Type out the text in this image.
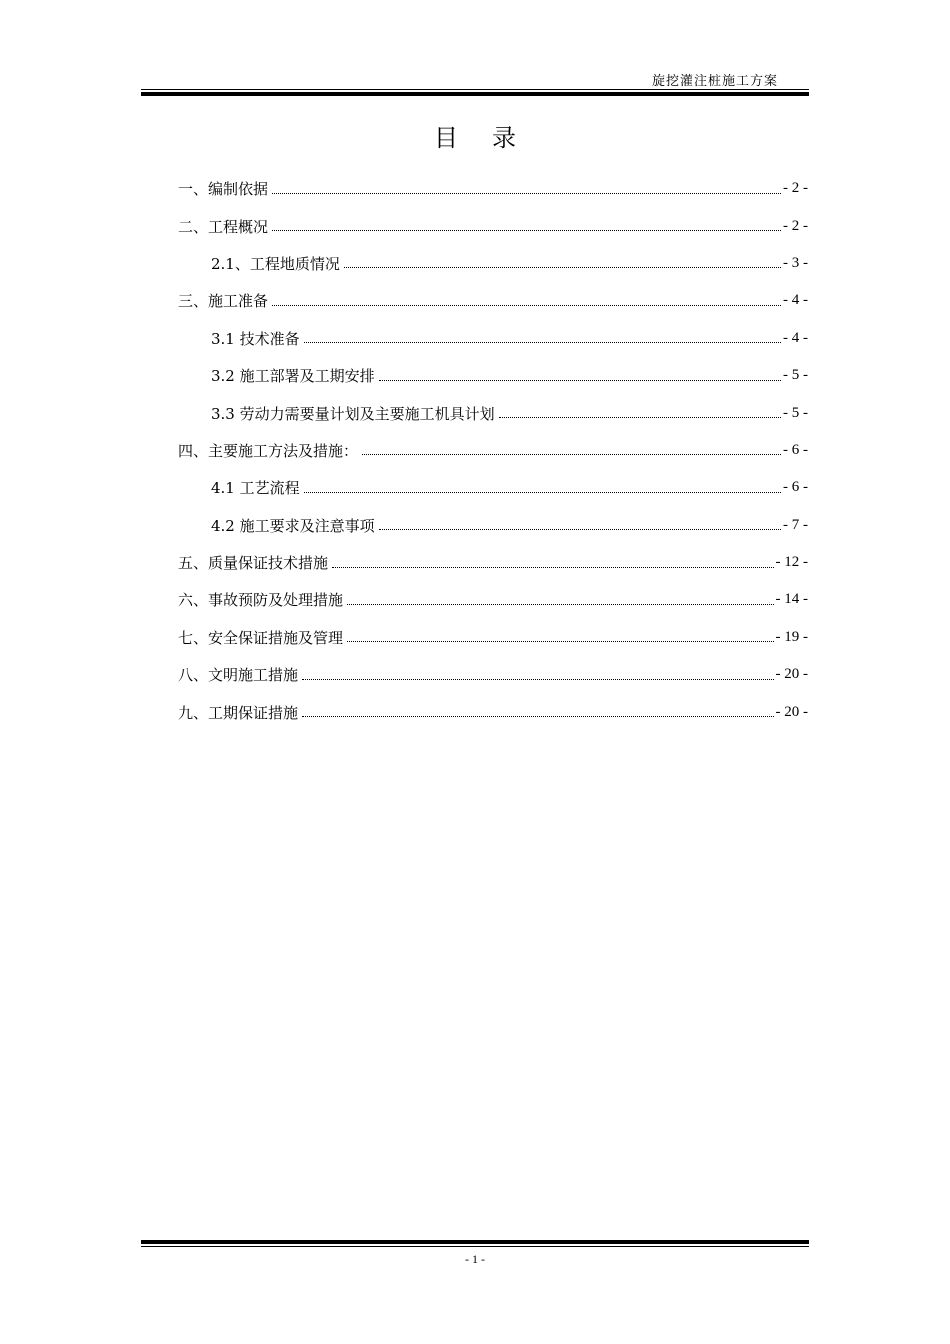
旋挖灌注桩施工方案
目录
一、编制依据	- 2 -
二、工程概况	- 2 -
2.1、工程地质情况	- 3 -
三、施工准备	- 4 -
3.1 技术准备	- 4 -
3.2 施工部署及工期安排	- 5 -
3.3 劳动力需要量计划及主要施工机具计划	- 5 -
四、主要施工方法及措施：	- 6 -
4.1 工艺流程	- 6 -
4.2 施工要求及注意事项	- 7 -
五、质量保证技术措施	- 12 -
六、事故预防及处理措施	- 14 -
七、安全保证措施及管理	- 19 -
八、文明施工措施	- 20 -
九、工期保证措施	- 20 -
- 1 -
